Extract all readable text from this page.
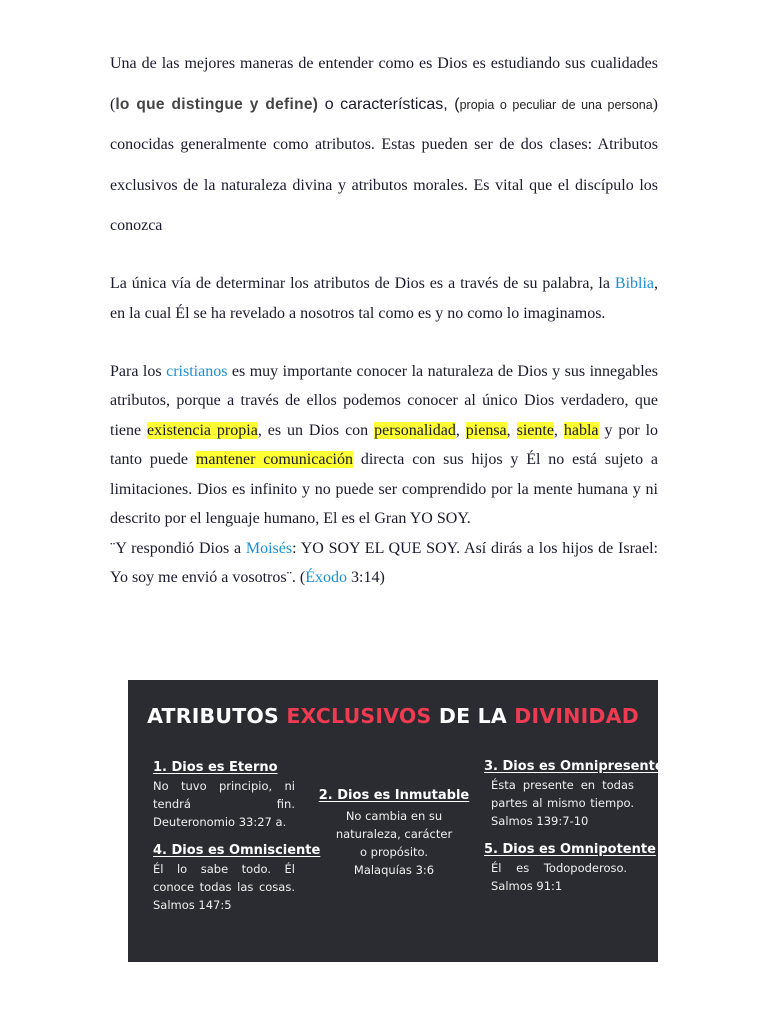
Una de las mejores maneras de entender como es Dios es estudiando sus cualidades (lo que distingue y define) o características, (propia o peculiar de una persona) conocidas generalmente como atributos. Estas pueden ser de dos clases: Atributos exclusivos de la naturaleza divina y atributos morales. Es vital que el discípulo los conozca

La única vía de determinar los atributos de Dios es a través de su palabra, la Biblia, en la cual Él se ha revelado a nosotros tal como es y no como lo imaginamos.

Para los cristianos es muy importante conocer la naturaleza de Dios y sus innegables atributos, porque a través de ellos podemos conocer al único Dios verdadero, que tiene existencia propia, es un Dios con personalidad, piensa, siente, habla y por lo tanto puede mantener comunicación directa con sus hijos y Él no está sujeto a limitaciones. Dios es infinito y no puede ser comprendido por la mente humana y ni descrito por el lenguaje humano, El es el Gran YO SOY.

¨Y respondió Dios a Moisés: YO SOY EL QUE SOY. Así dirás a los hijos de Israel: Yo soy me envió a vosotros¨. (Éxodo 3:14)

ATRIBUTOS EXCLUSIVOS DE LA DIVINIDAD
1. Dios es Eterno

No tuvo principio, ni tendrá fin. Deuteronomio 33:27 a.

2. Dios es Inmutable

No cambia en su naturaleza, carácter o propósito. Malaquías 3:6

3. Dios es Omnipresente

Ésta presente en todas partes al mismo tiempo. Salmos 139:7-10

4. Dios es Omnisciente

Él lo sabe todo. Él conoce todas las cosas. Salmos 147:5

5. Dios es Omnipotente

Él es Todopoderoso. Salmos 91:1
